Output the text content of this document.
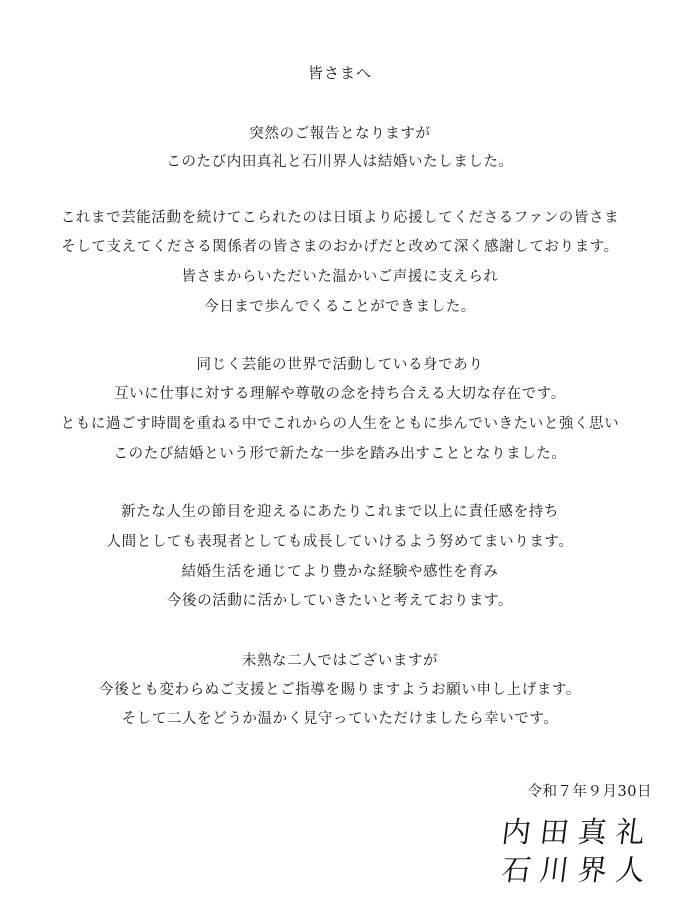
皆さまへ
突然のご報告となりますが
このたび内田真礼と石川界人は結婚いたしました。
これまで芸能活動を続けてこられたのは日頃より応援してくださるファンの皆さま
そして支えてくださる関係者の皆さまのおかげだと改めて深く感謝しております。
皆さまからいただいた温かいご声援に支えられ
今日まで歩んでくることができました。
同じく芸能の世界で活動している身であり
互いに仕事に対する理解や尊敬の念を持ち合える大切な存在です。
ともに過ごす時間を重ねる中でこれからの人生をともに歩んでいきたいと強く思い
このたび結婚という形で新たな一歩を踏み出すこととなりました。
新たな人生の節目を迎えるにあたりこれまで以上に責任感を持ち
人間としても表現者としても成長していけるよう努めてまいります。
結婚生活を通じてより豊かな経験や感性を育み
今後の活動に活かしていきたいと考えております。
未熟な二人ではございますが
今後とも変わらぬご支援とご指導を賜りますようお願い申し上げます。
そして二人をどうか温かく見守っていただけましたら幸いです。
令和７年９月30日
内田真礼
石川界人
